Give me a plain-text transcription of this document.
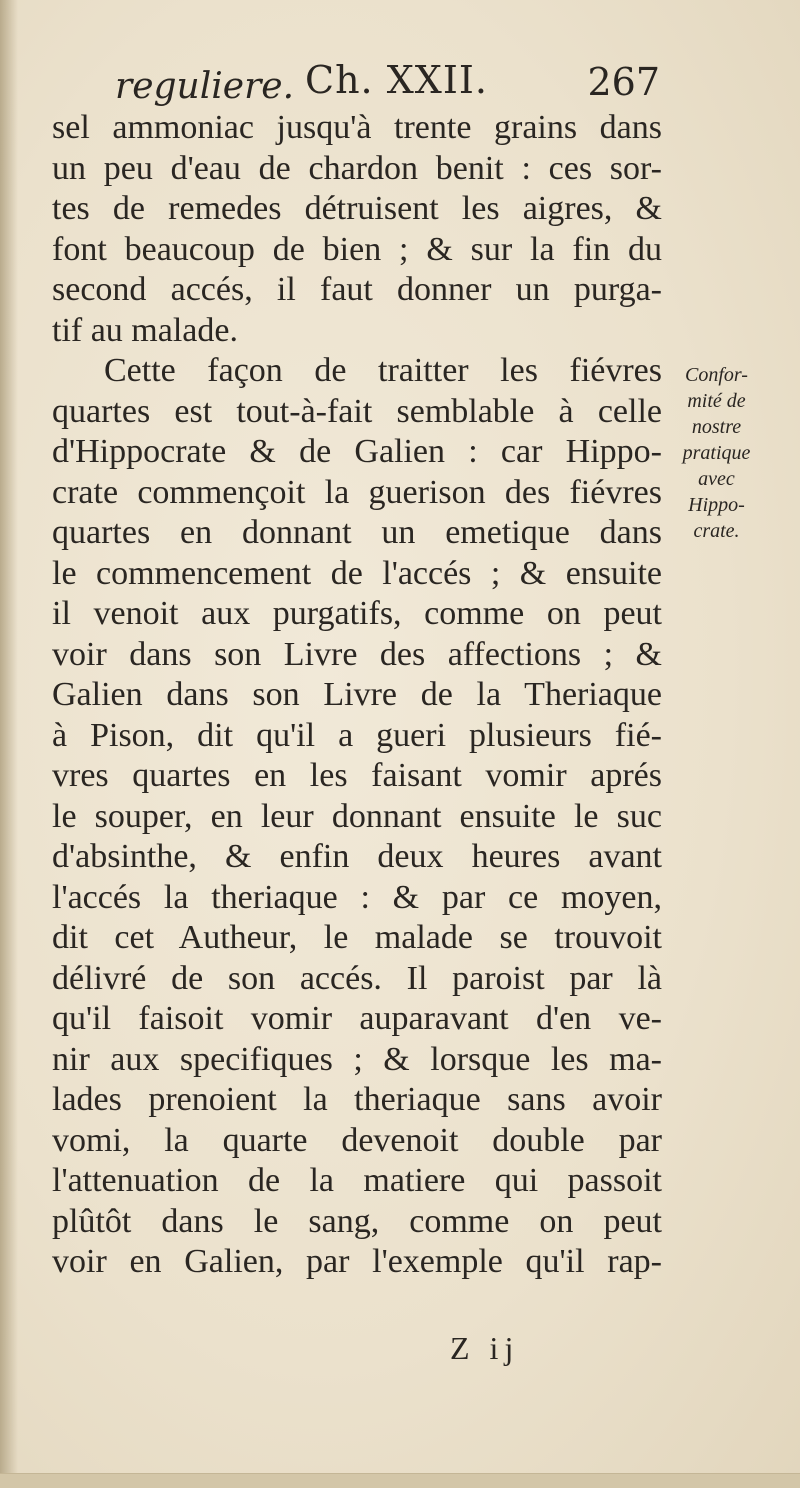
reguliere. Ch. XXII.	267
sel ammoniac jusqu'à trente grains dans
un peu d'eau de chardon benit : ces sor-
tes de remedes détruisent les aigres, &
font beaucoup de bien ; & sur la fin du
second accés, il faut donner un purga-
tif au malade.
Cette façon de traitter les fiévres
quartes est tout-à-fait semblable à celle
d'Hippocrate & de Galien : car Hippo-
crate commençoit la guerison des fiévres
quartes en donnant un emetique dans
le commencement de l'accés ; & ensuite
il venoit aux purgatifs, comme on peut
voir dans son Livre des affections ; &
Galien dans son Livre de la Theriaque
à Pison, dit qu'il a gueri plusieurs fié-
vres quartes en les faisant vomir aprés
le souper, en leur donnant ensuite le suc
d'absinthe, & enfin deux heures avant
l'accés la theriaque : & par ce moyen,
dit cet Autheur, le malade se trouvoit
délivré de son accés. Il paroist par là
qu'il faisoit vomir auparavant d'en ve-
nir aux specifiques ; & lorsque les ma-
lades prenoient la theriaque sans avoir
vomi, la quarte devenoit double par
l'attenuation de la matiere qui passoit
plûtôt dans le sang, comme on peut
voir en Galien, par l'exemple qu'il rap-
Confor-
mité de
nostre
pratique
avec
Hippo-
crate.
Z ij
